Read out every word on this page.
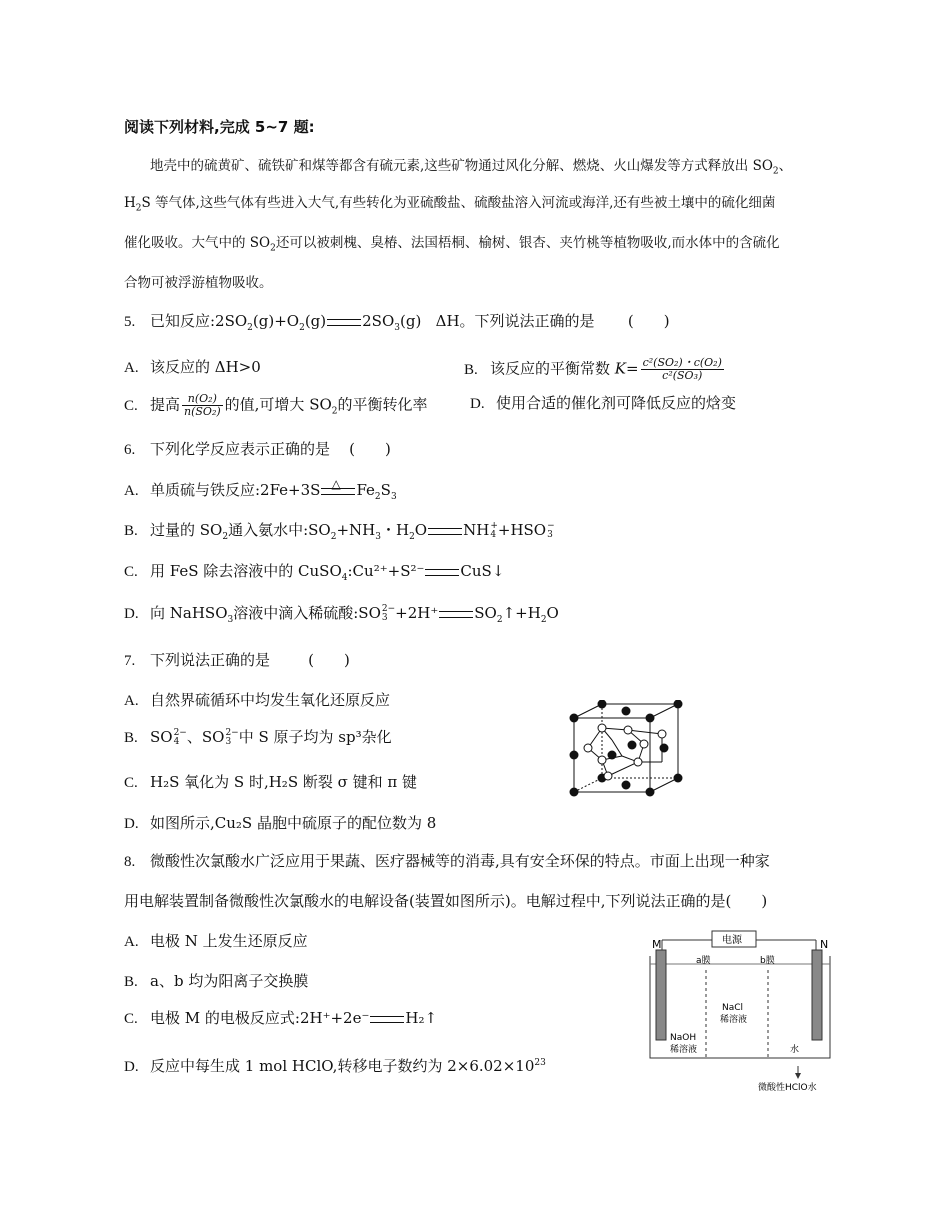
阅读下列材料,完成 5~7 题:
地壳中的硫黄矿、硫铁矿和煤等都含有硫元素,这些矿物通过风化分解、燃烧、火山爆发等方式释放出 $SO_2$、
$H_2S$ 等气体,这些气体有些进入大气,有些转化为亚硫酸盐、硫酸盐溶入河流或海洋,还有些被土壤中的硫化细菌
催化吸收。大气中的 $SO_2$还可以被刺槐、臭椿、法国梧桐、榆树、银杏、夹竹桃等植物吸收,而水体中的含硫化
合物可被浮游植物吸收。
5. 已知反应$:2SO_2(g)+O_2(g)$ $2SO_3(g)$ ΔH。下列说法正确的是 (　　)
A. 该反应的 ΔH>0	B. 该反应的平衡常数 $K= \frac{\text{c²(SO₂)・c(O₂)}}{\text{c²(SO₃)}}$
C. 提高 $\frac{\text{n(O₂)}}{\text{n(SO₂)}}$ 的值,可增大 $SO_2$的平衡转化率	D. 使用合适的催化剂可降低反应的焓变
6. 下列化学反应表示正确的是 (　　)
A. 单质硫与铁反应:2Fe+3S △ $Fe_2S_3$
B. 过量的 $SO_2$通入氨水中$:SO_2+NH_3$・$H_2O$ NH +
4 +HSO −
3
C. 用 FeS 除去溶液中的 CuSO$_4$:Cu²⁺+S²⁻ CuS↓
D. 向 NaHSO$_3$溶液中滴入稀硫酸:SO 2−
3 +2H⁺ $SO_2↑+H_2O$
7. 下列说法正确的是	(　　)
A. 自然界硫循环中均发生氧化还原反应
B. SO 2−
4 、SO 2−
3 中 S 原子均为 sp³杂化
C. H₂S 氧化为 S 时,H₂S 断裂 σ 键和 π 键
D. 如图所示,Cu₂S 晶胞中硫原子的配位数为 8
8. 微酸性次氯酸水广泛应用于果蔬、医疗器械等的消毒,具有安全环保的特点。市面上出现一种家
用电解装置制备微酸性次氯酸水的电解设备(装置如图所示)。电解过程中,下列说法正确的是(　　)
A. 电极 N 上发生还原反应
B. a、b 均为阳离子交换膜
C. 电极 M 的电极反应式:2H⁺+2e⁻ H₂↑
D. 反应中每生成 1 mol HClO,转移电子数约为 $2\times 6.02\times 10^{23}$
M	N
电源
a膜	b膜
NaCl
稀溶液
NaOH
稀溶液	水
微酸性HClO水
